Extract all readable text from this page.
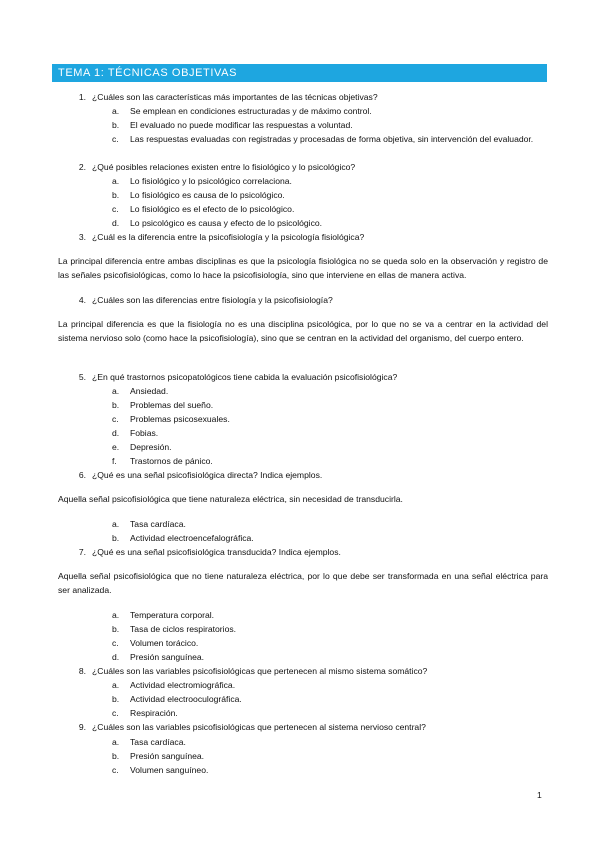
TEMA 1: TÉCNICAS OBJETIVAS
1. ¿Cuáles son las características más importantes de las técnicas objetivas?
a. Se emplean en condiciones estructuradas y de máximo control.
b. El evaluado no puede modificar las respuestas a voluntad.
c. Las respuestas evaluadas con registradas y procesadas de forma objetiva, sin intervención del evaluador.
2. ¿Qué posibles relaciones existen entre lo fisiológico y lo psicológico?
a. Lo fisiológico y lo psicológico correlaciona.
b. Lo fisiológico es causa de lo psicológico.
c. Lo fisiológico es el efecto de lo psicológico.
d. Lo psicológico es causa y efecto de lo psicológico.
3. ¿Cuál es la diferencia entre la psicofisiología y la psicología fisiológica?
La principal diferencia entre ambas disciplinas es que la psicología fisiológica no se queda solo en la observación y registro de las señales psicofisiológicas, como lo hace la psicofisiología, sino que interviene en ellas de manera activa.
4. ¿Cuáles son las diferencias entre fisiología y la psicofisiología?
La principal diferencia es que la fisiología no es una disciplina psicológica, por lo que no se va a centrar en la actividad del sistema nervioso solo (como hace la psicofisiología), sino que se centran en la actividad del organismo, del cuerpo entero.
5. ¿En qué trastornos psicopatológicos tiene cabida la evaluación psicofisiológica?
a. Ansiedad.
b. Problemas del sueño.
c. Problemas psicosexuales.
d. Fobias.
e. Depresión.
f. Trastornos de pánico.
6. ¿Qué es una señal psicofisiológica directa? Indica ejemplos.
Aquella señal psicofisiológica que tiene naturaleza eléctrica, sin necesidad de transducirla.
a. Tasa cardíaca.
b. Actividad electroencefalográfica.
7. ¿Qué es una señal psicofisiológica transducida? Indica ejemplos.
Aquella señal psicofisiológica que no tiene naturaleza eléctrica, por lo que debe ser transformada en una señal eléctrica para ser analizada.
a. Temperatura corporal.
b. Tasa de ciclos respiratorios.
c. Volumen torácico.
d. Presión sanguínea.
8. ¿Cuáles son las variables psicofisiológicas que pertenecen al mismo sistema somático?
a. Actividad electromiográfica.
b. Actividad electrooculográfica.
c. Respiración.
9. ¿Cuáles son las variables psicofisiológicas que pertenecen al sistema nervioso central?
a. Tasa cardíaca.
b. Presión sanguínea.
c. Volumen sanguíneo.
1
